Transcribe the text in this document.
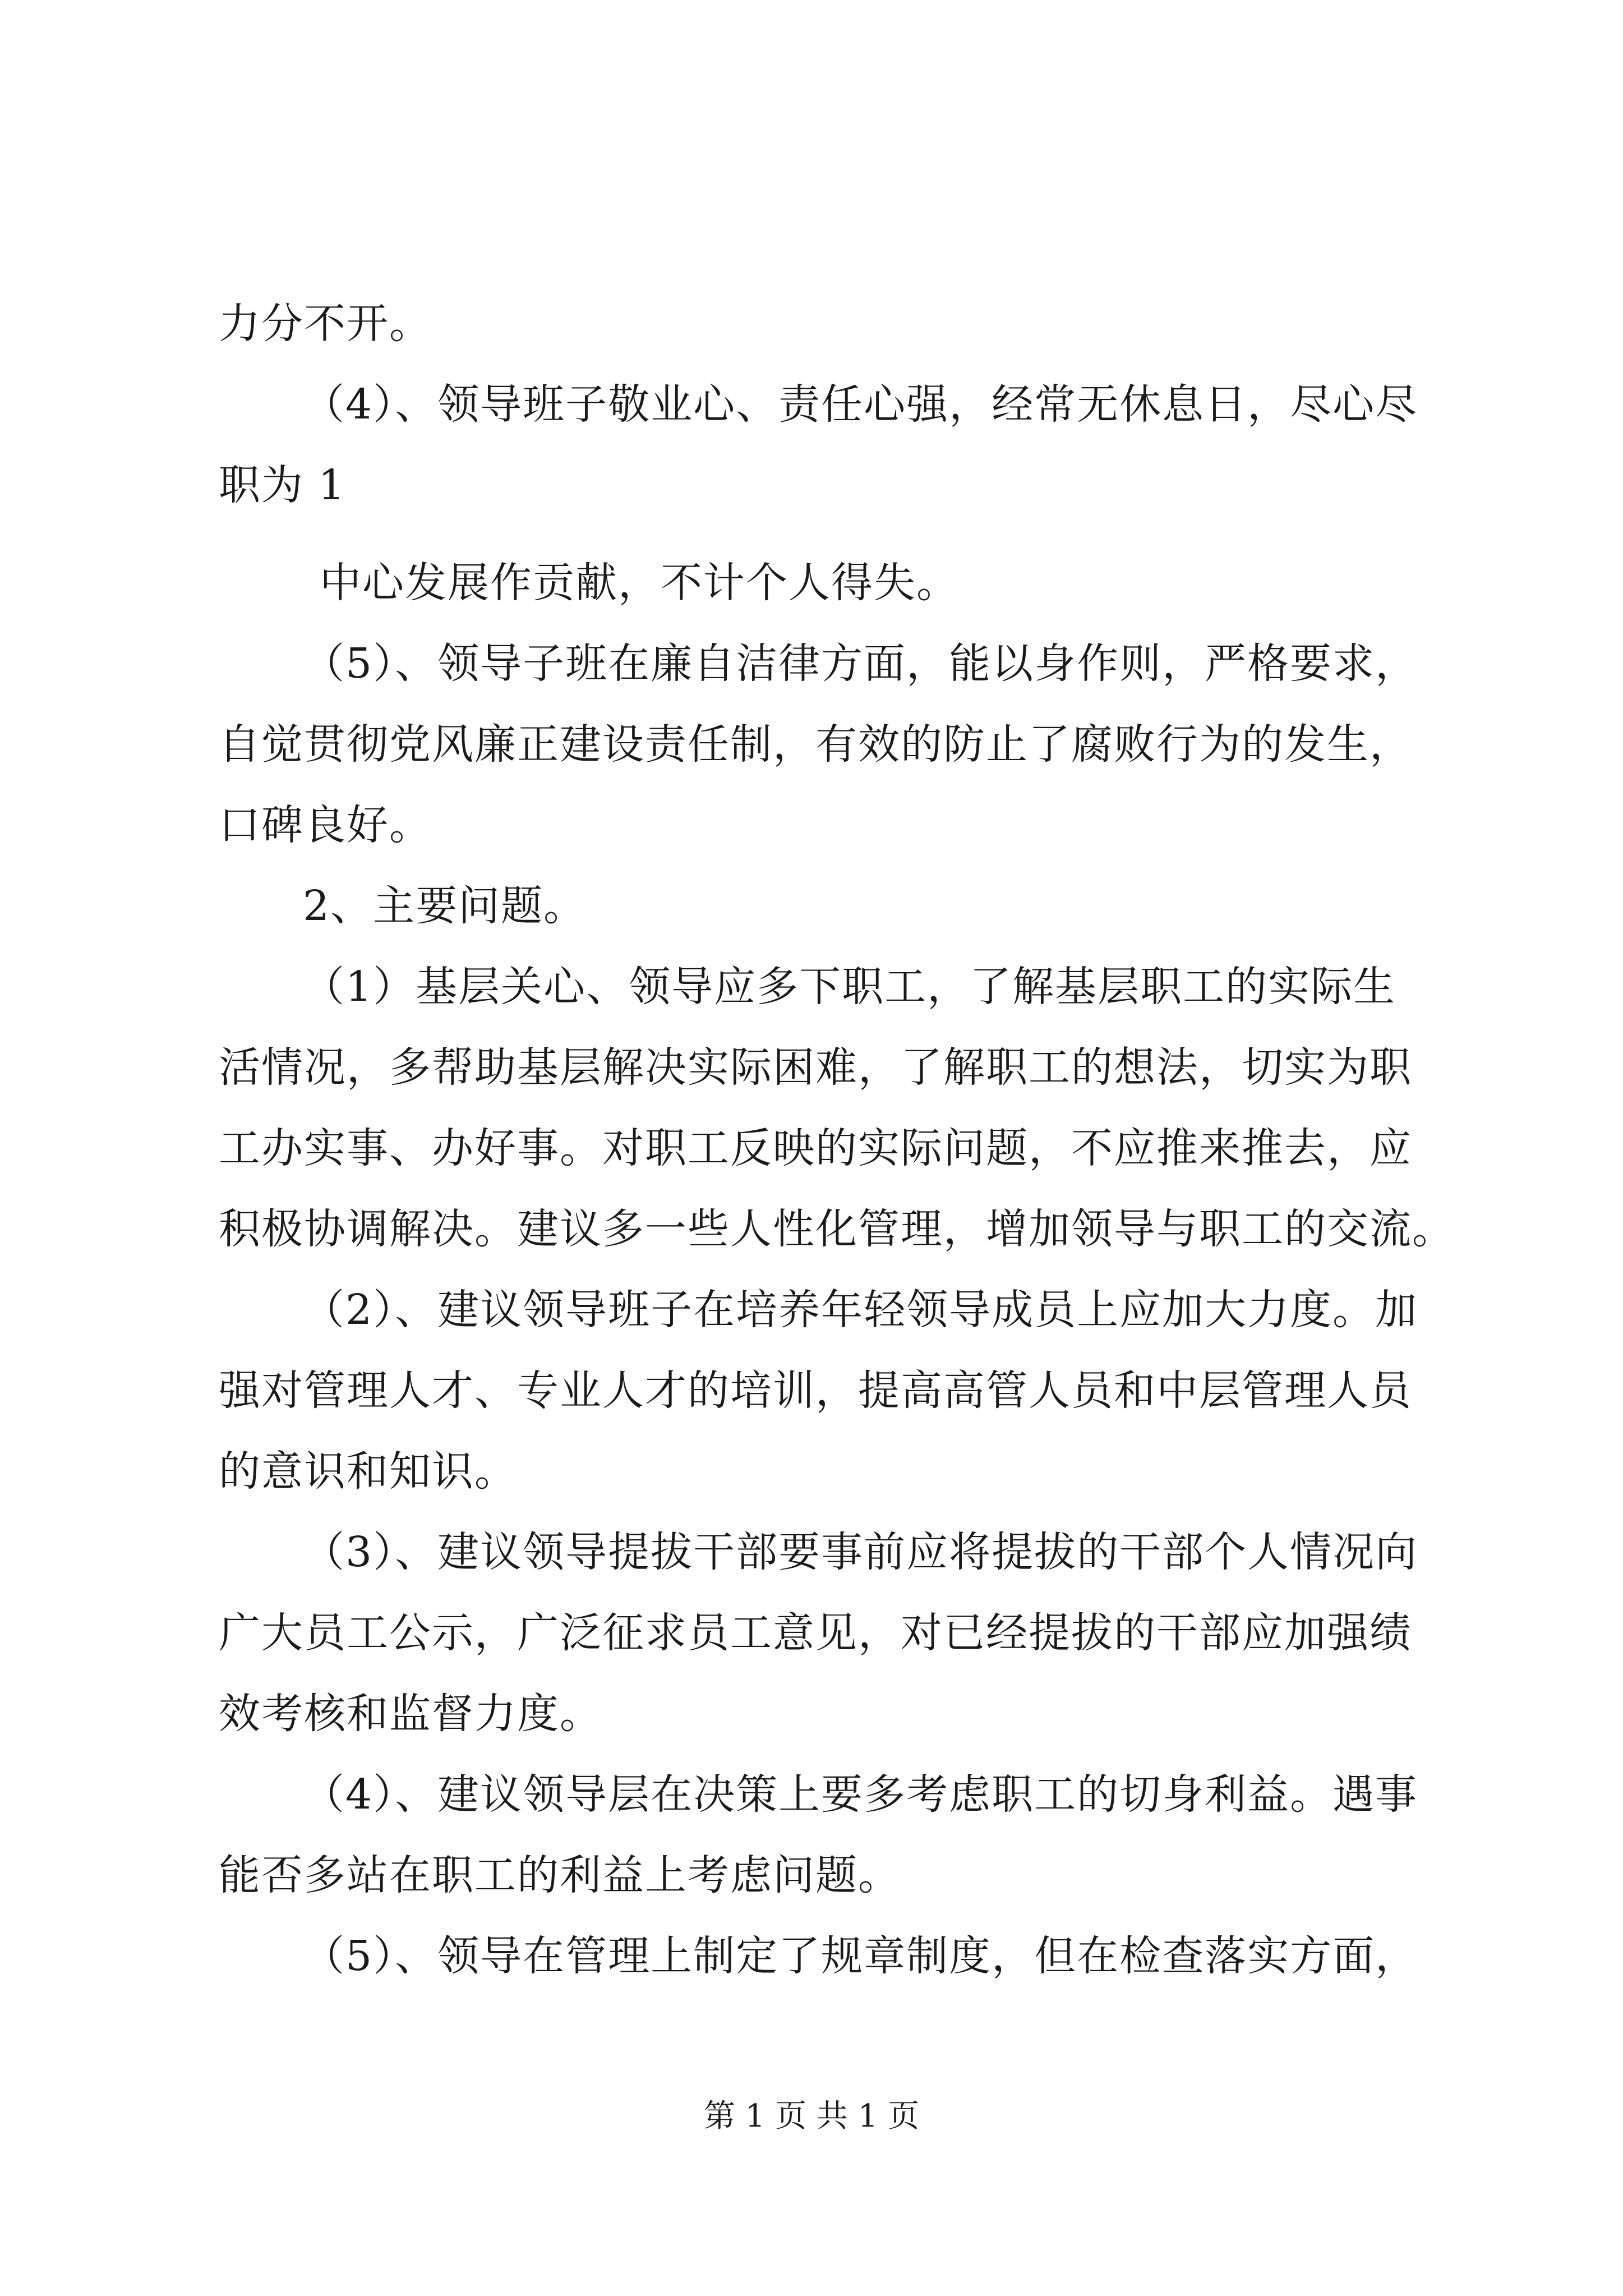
力分不开。

（4）、领导班子敬业心、责任心强，经常无休息日，尽心尽

职为 1

中心发展作贡献，不计个人得失。

（5）、领导子班在廉自洁律方面，能以身作则，严格要求，

自觉贯彻党风廉正建设责任制，有效的防止了腐败行为的发生，

口碑良好。

2、主要问题。

（1）基层关心、领导应多下职工，了解基层职工的实际生

活情况，多帮助基层解决实际困难，了解职工的想法，切实为职

工办实事、办好事。对职工反映的实际问题，不应推来推去，应

积极协调解决。建议多一些人性化管理，增加领导与职工的交流。

（2）、建议领导班子在培养年轻领导成员上应加大力度。加

强对管理人才、专业人才的培训，提高高管人员和中层管理人员

的意识和知识。

（3）、建议领导提拔干部要事前应将提拔的干部个人情况向

广大员工公示，广泛征求员工意见，对已经提拔的干部应加强绩

效考核和监督力度。

（4）、建议领导层在决策上要多考虑职工的切身利益。遇事

能否多站在职工的利益上考虑问题。

（5）、领导在管理上制定了规章制度，但在检查落实方面，

第 1 页 共 1 页
